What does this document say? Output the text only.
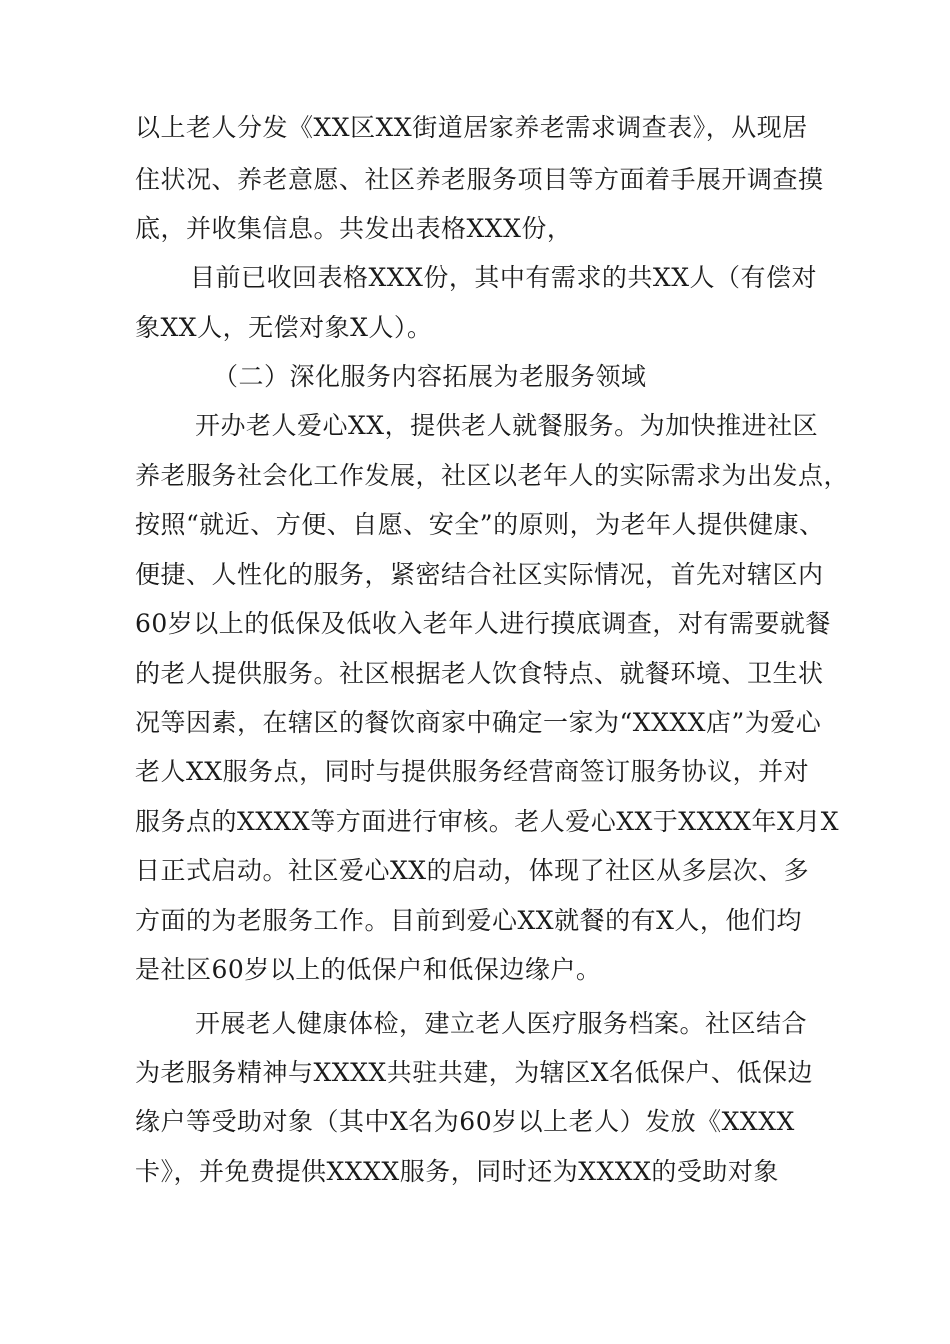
以上老人分发《XX区XX街道居家养老需求调查表》，从现居
住状况、养老意愿、社区养老服务项目等方面着手展开调查摸
底，并收集信息。共发出表格XXX份，
目前已收回表格XXX份，其中有需求的共XX人（有偿对
象XX人，无偿对象X人）。
（二）深化服务内容拓展为老服务领域
开办老人爱心XX，提供老人就餐服务。为加快推进社区
养老服务社会化工作发展，社区以老年人的实际需求为出发点，
按照“就近、方便、自愿、安全”的原则，为老年人提供健康、
便捷、人性化的服务，紧密结合社区实际情况，首先对辖区内
60岁以上的低保及低收入老年人进行摸底调查，对有需要就餐
的老人提供服务。社区根据老人饮食特点、就餐环境、卫生状
况等因素，在辖区的餐饮商家中确定一家为“XXXX店”为爱心
老人XX服务点，同时与提供服务经营商签订服务协议，并对
服务点的XXXX等方面进行审核。老人爱心XX于XXXX年X月X
日正式启动。社区爱心XX的启动，体现了社区从多层次、多
方面的为老服务工作。目前到爱心XX就餐的有X人，他们均
是社区60岁以上的低保户和低保边缘户。
开展老人健康体检，建立老人医疗服务档案。社区结合
为老服务精神与XXXX共驻共建，为辖区X名低保户、低保边
缘户等受助对象（其中X名为60岁以上老人）发放《XXXX
卡》，并免费提供XXXX服务，同时还为XXXX的受助对象
